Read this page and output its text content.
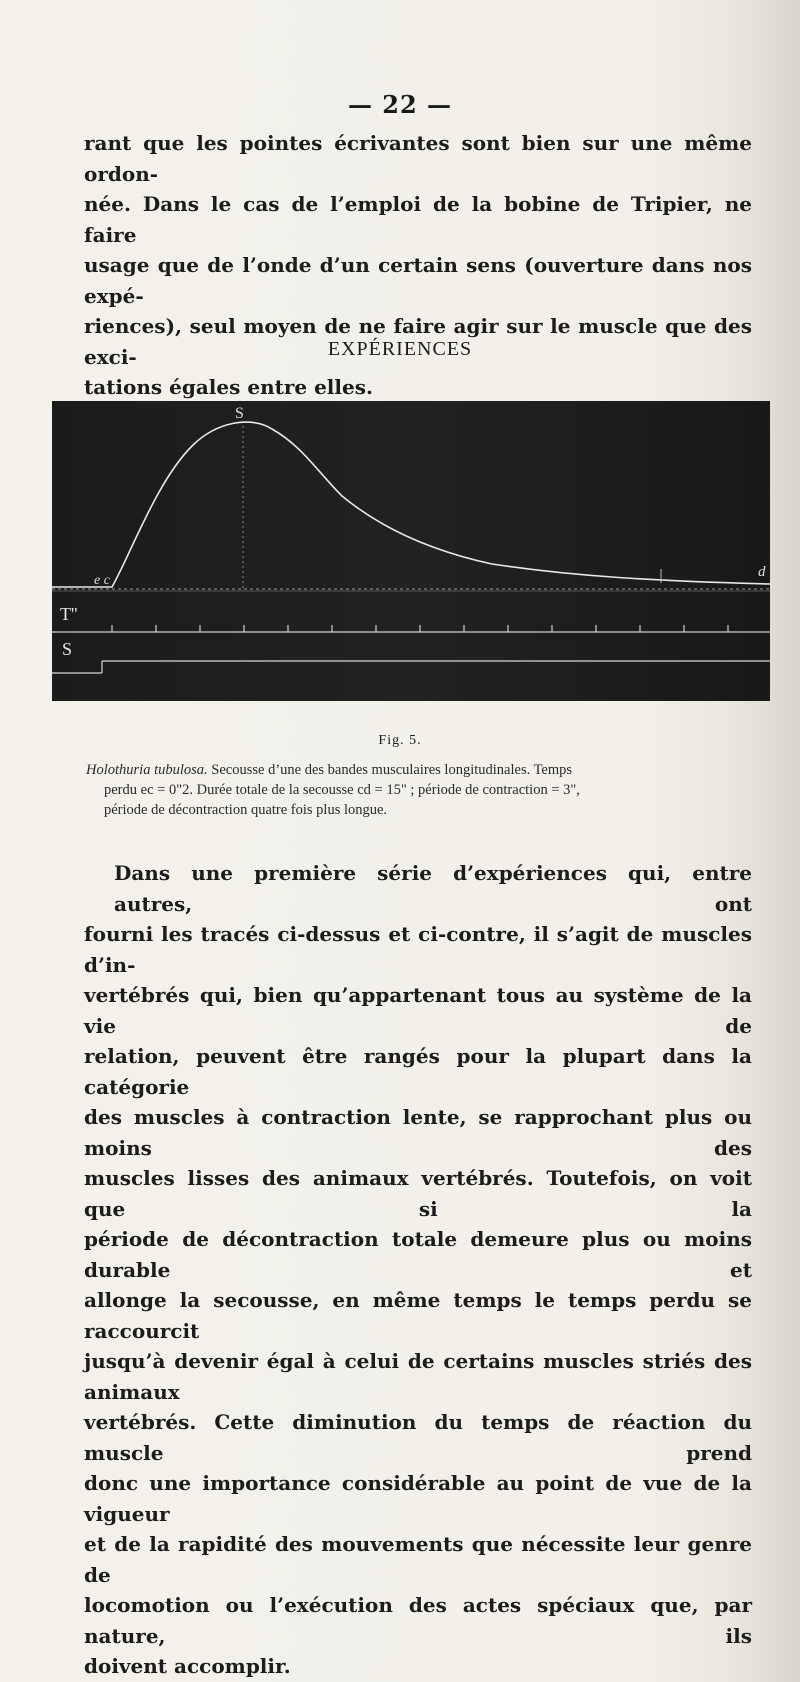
— 22 —

rant que les pointes écrivantes sont bien sur une même ordon-
née. Dans le cas de l’emploi de la bobine de Tripier, ne faire
usage que de l’onde d’un certain sens (ouverture dans nos expé-
riences), seul moyen de ne faire agir sur le muscle que des exci-
tations égales entre elles.

EXPÉRIENCES
S
e c
d
T''
S
Fig. 5.
Holothuria tubulosa. Secousse d’une des bandes musculaires longitudinales. Temps
perdu ec = 0"2. Durée totale de la secousse cd = 15" ; période de contraction = 3",
période de décontraction quatre fois plus longue.

Dans une première série d’expériences qui, entre autres, ont
fourni les tracés ci-dessus et ci-contre, il s’agit de muscles d’in-
vertébrés qui, bien qu’appartenant tous au système de la vie de
relation, peuvent être rangés pour la plupart dans la catégorie
des muscles à contraction lente, se rapprochant plus ou moins des
muscles lisses des animaux vertébrés. Toutefois, on voit que si la
période de décontraction totale demeure plus ou moins durable et
allonge la secousse, en même temps le temps perdu se raccourcit
jusqu’à devenir égal à celui de certains muscles striés des animaux
vertébrés. Cette diminution du temps de réaction du muscle prend
donc une importance considérable au point de vue de la vigueur
et de la rapidité des mouvements que nécessite leur genre de
locomotion ou l’exécution des actes spéciaux que, par nature, ils
doivent accomplir.
